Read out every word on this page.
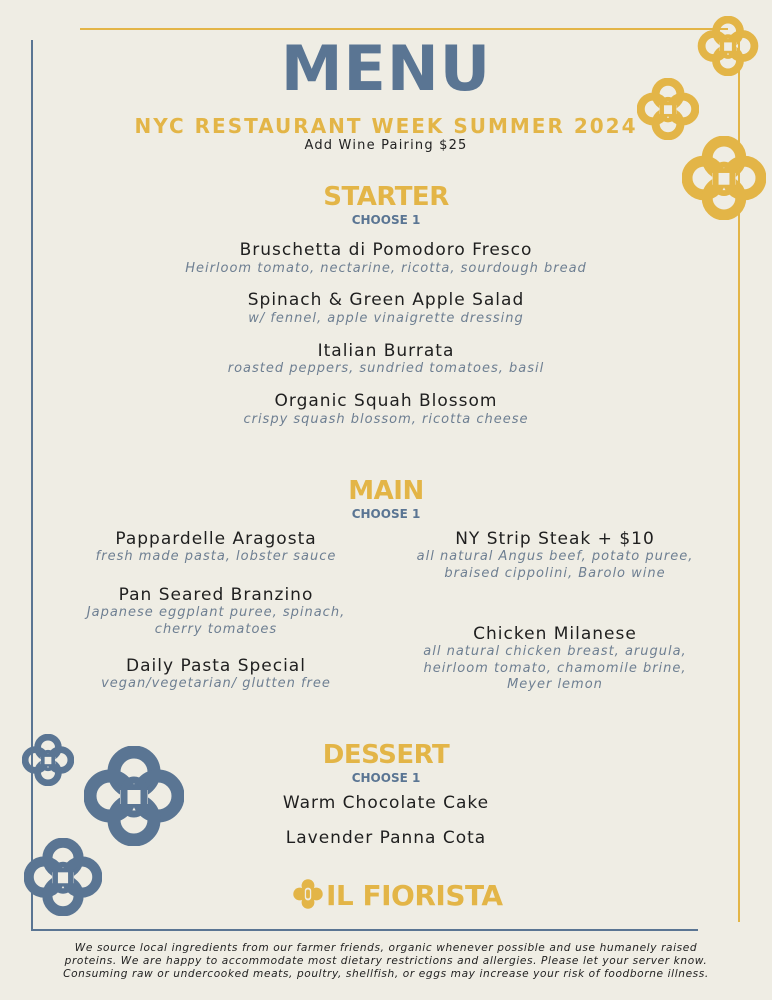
MENU
NYC RESTAURANT WEEK SUMMER 2024
Add Wine Pairing $25
STARTER
CHOOSE 1
Bruschetta di Pomodoro Fresco
Heirloom tomato, nectarine, ricotta, sourdough bread
Spinach & Green Apple Salad
w/ fennel, apple vinaigrette dressing
Italian Burrata
roasted peppers, sundried tomatoes, basil
Organic Squah Blossom
crispy squash blossom, ricotta cheese
MAIN
CHOOSE 1
Pappardelle Aragosta
fresh made pasta, lobster sauce
Pan Seared Branzino
Japanese eggplant puree, spinach,
cherry tomatoes
Daily Pasta Special
vegan/vegetarian/ glutten free
NY Strip Steak + $10
all natural Angus beef, potato puree,
braised cippolini, Barolo wine
Chicken Milanese
all natural chicken breast, arugula,
heirloom tomato, chamomile brine,
Meyer lemon
DESSERT
CHOOSE 1
Warm Chocolate Cake
Lavender Panna Cota
IL FIORISTA
We source local ingredients from our farmer friends, organic whenever possible and use humanely raised
proteins. We are happy to accommodate most dietary restrictions and allergies. Please let your server know.
Consuming raw or undercooked meats, poultry, shellfish, or eggs may increase your risk of foodborne illness.
